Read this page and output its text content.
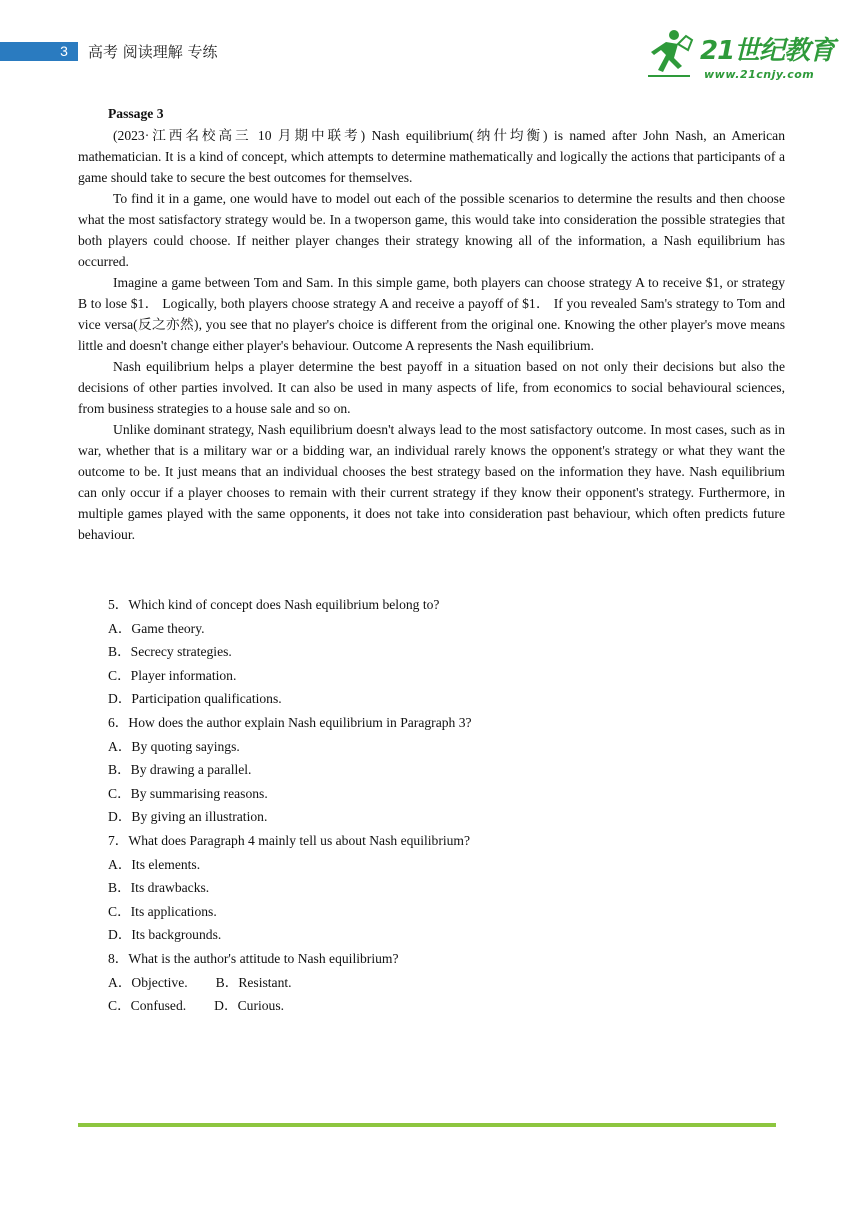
3	高考 阅读理解 专练	21世纪教育
www.21cnjy.com

Passage 3

(2023·江西名校高三 10 月期中联考) Nash equilibrium(纳什均衡) is named after John Nash, an American mathematician. It is a kind of concept, which attempts to determine mathematically and logically the actions that participants of a game should take to secure the best outcomes for themselves.

To find it in a game, one would have to model out each of the possible scenarios to determine the results and then choose what the most satisfactory strategy would be. In a twoperson game, this would take into consideration the possible strategies that both players could choose. If neither player changes their strategy knowing all of the information, a Nash equilibrium has occurred.

Imagine a game between Tom and Sam. In this simple game, both players can choose strategy A to receive $1, or strategy B to lose $1． Logically, both players choose strategy A and receive a payoff of $1． If you revealed Sam's strategy to Tom and vice versa(反之亦然), you see that no player's choice is different from the original one. Knowing the other player's move means little and doesn't change either player's behaviour. Outcome A represents the Nash equilibrium.

Nash equilibrium helps a player determine the best payoff in a situation based on not only their decisions but also the decisions of other parties involved. It can also be used in many aspects of life, from economics to social behavioural sciences, from business strategies to a house sale and so on.

Unlike dominant strategy, Nash equilibrium doesn't always lead to the most satisfactory outcome. In most cases, such as in war, whether that is a military war or a bidding war, an individual rarely knows the opponent's strategy or what they want the outcome to be. It just means that an individual chooses the best strategy based on the information they have. Nash equilibrium can only occur if a player chooses to remain with their current strategy if they know their opponent's strategy. Furthermore, in multiple games played with the same opponents, it does not take into consideration past behaviour, which often predicts future behaviour.

5．Which kind of concept does Nash equilibrium belong to?

A．Game theory.

B．Secrecy strategies.

C．Player information.

D．Participation qualifications.

6．How does the author explain Nash equilibrium in Paragraph 3?

A．By quoting sayings.

B．By drawing a parallel.

C．By summarising reasons.

D．By giving an illustration.

7．What does Paragraph 4 mainly tell us about Nash equilibrium?

A．Its elements.

B．Its drawbacks.

C．Its applications.

D．Its backgrounds.

8．What is the author's attitude to Nash equilibrium?

A．Objective. B．Resistant.

C．Confused. D．Curious.
